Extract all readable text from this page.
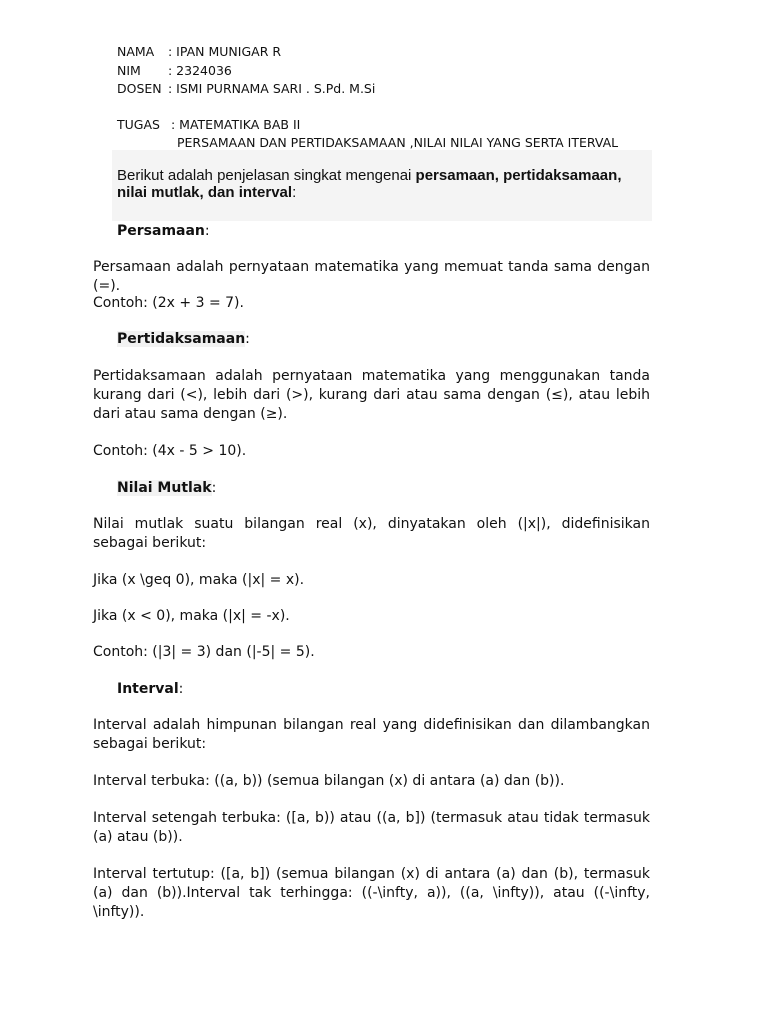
NAMA : IPAN MUNIGAR R
NIM : 2324036
DOSEN : ISMI PURNAMA SARI . S.Pd. M.Si
TUGAS : MATEMATIKA BAB II
PERSAMAAN DAN PERTIDAKSAMAAN ,NILAI NILAI YANG SERTA ITERVAL
Berikut adalah penjelasan singkat mengenai persamaan, pertidaksamaan, nilai mutlak, dan interval:
Persamaan:
Persamaan adalah pernyataan matematika yang memuat tanda sama dengan (=).
Contoh: (2x + 3 = 7).
Pertidaksamaan:
Pertidaksamaan adalah pernyataan matematika yang menggunakan tanda kurang dari (<), lebih dari (>), kurang dari atau sama dengan (≤), atau lebih dari atau sama dengan (≥).
Contoh: (4x - 5 > 10).
Nilai Mutlak:
Nilai mutlak suatu bilangan real (x), dinyatakan oleh (|x|), didefinisikan sebagai berikut:
Jika (x \geq 0), maka (|x| = x).
Jika (x < 0), maka (|x| = -x).
Contoh: (|3| = 3) dan (|-5| = 5).
Interval:
Interval adalah himpunan bilangan real yang didefinisikan dan dilambangkan sebagai berikut:
Interval terbuka: ((a, b)) (semua bilangan (x) di antara (a) dan (b)).
Interval setengah terbuka: ([a, b)) atau ((a, b]) (termasuk atau tidak termasuk (a) atau (b)).
Interval tertutup: ([a, b]) (semua bilangan (x) di antara (a) dan (b), termasuk (a) dan (b)).Interval tak terhingga: ((-\infty, a)), ((a, \infty)), atau ((-\infty, \infty)).
